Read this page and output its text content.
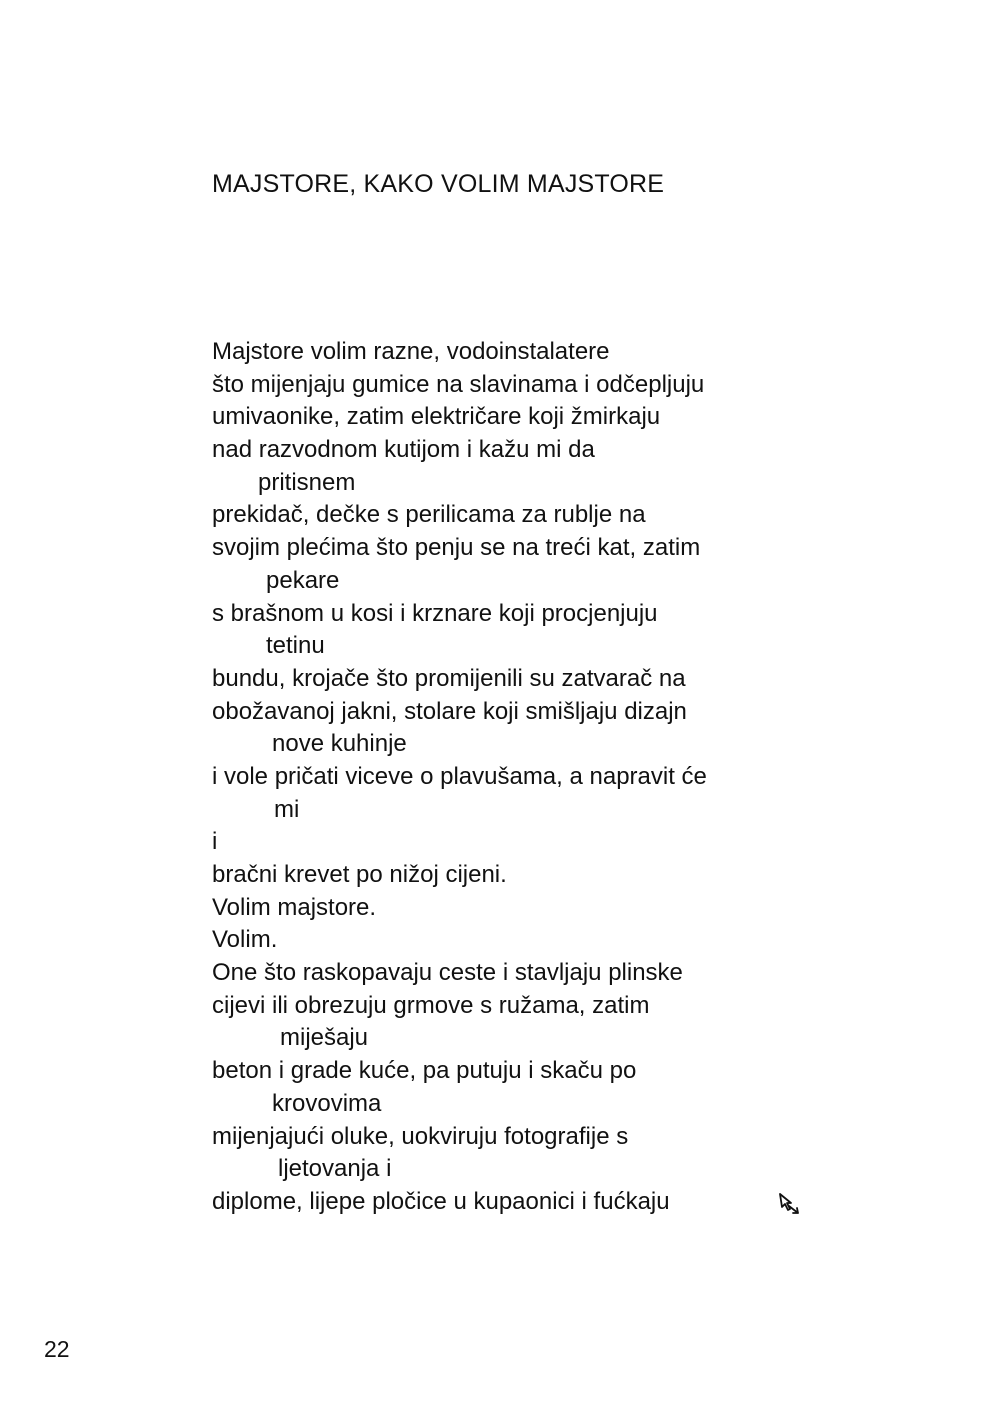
MAJSTORE, KAKO VOLIM MAJSTORE
Majstore volim razne, vodoinstalatere
što mijenjaju gumice na slavinama i odčepljuju
umivaonike, zatim električare koji žmirkaju
nad razvodnom kutijom i kažu mi da
pritisnem
prekidač, dečke s perilicama za rublje na
svojim plećima što penju se na treći kat, zatim
pekare
s brašnom u kosi i krznare koji procjenjuju
tetinu
bundu, krojače što promijenili su zatvarač na
obožavanoj jakni, stolare koji smišljaju dizajn
nove kuhinje
i vole pričati viceve o plavušama, a napravit će
mi
i
bračni krevet po nižoj cijeni.
Volim majstore.
Volim.
One što raskopavaju ceste i stavljaju plinske
cijevi ili obrezuju grmove s ružama, zatim
miješaju
beton i grade kuće, pa putuju i skaču po
krovovima
mijenjajući oluke, uokviruju fotografije s
ljetovanja i
diplome, lijepe pločice u kupaonici i fućkaju
22
